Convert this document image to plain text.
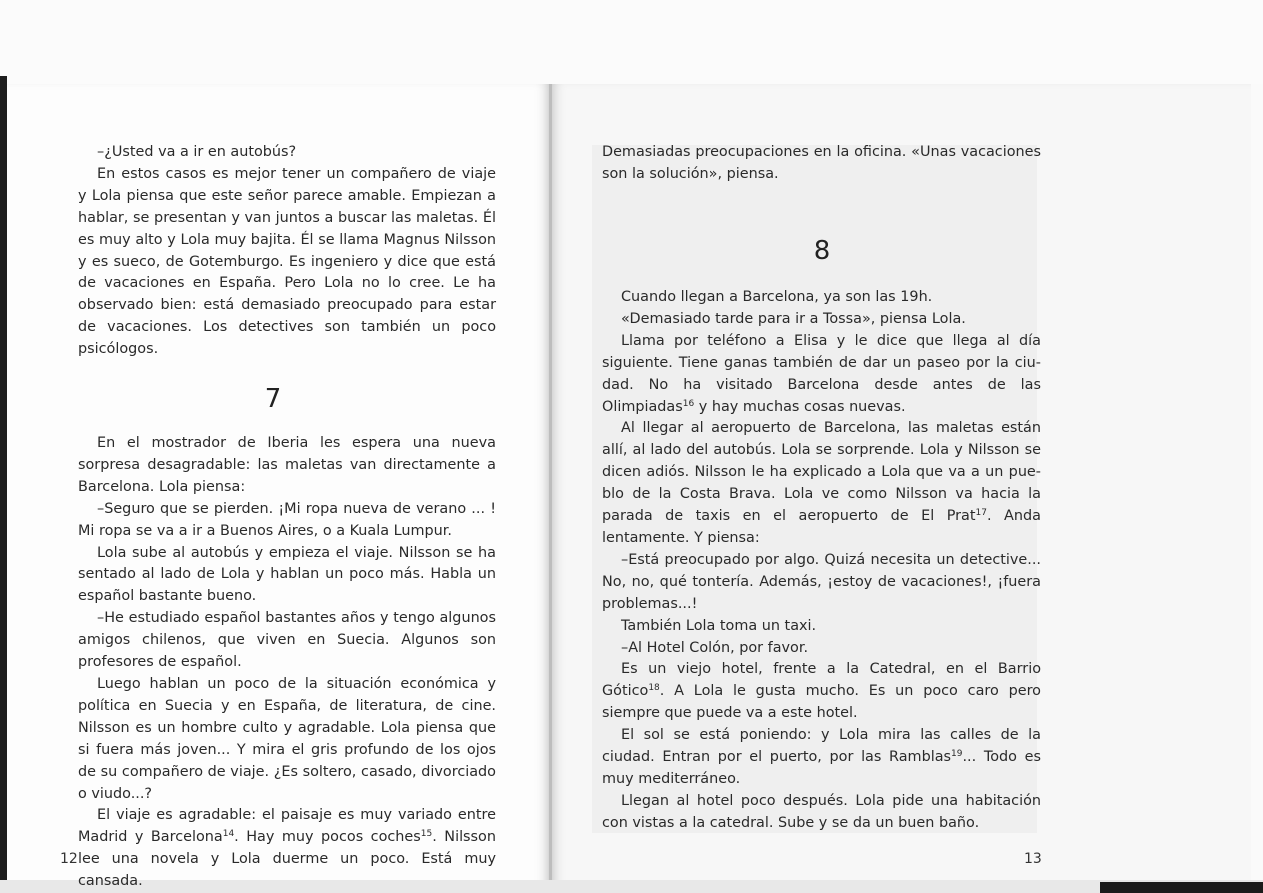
–¿Usted va a ir en autobús?

En estos casos es mejor tener un compañero de viaje y Lola piensa que este señor parece amable. Empiezan a hablar, se presentan y van juntos a buscar las maletas. Él es muy alto y Lola muy bajita. Él se llama Magnus Nilsson y es sueco, de Gotemburgo. Es ingeniero y dice que está de vacaciones en España. Pero Lola no lo cree. Le ha observado bien: está demasiado preocupado para estar de vacaciones. Los detectives son también un poco psicólogos.

7

En el mostrador de Iberia les espera una nueva sorpresa desagradable: las maletas van directamente a Barcelona. Lola piensa:

–Seguro que se pierden. ¡Mi ropa nueva de verano ... ! Mi ropa se va a ir a Buenos Aires, o a Kuala Lumpur.

Lola sube al autobús y empieza el viaje. Nilsson se ha sentado al lado de Lola y hablan un poco más. Habla un español bastante bueno.

–He estudiado español bastantes años y tengo algunos amigos chilenos, que viven en Suecia. Algunos son profesores de español.

Luego hablan un poco de la situación económica y política en Suecia y en España, de literatura, de cine. Nilsson es un hombre culto y agradable. Lola piensa que si fuera más joven... Y mira el gris profundo de los ojos de su compañero de viaje. ¿Es soltero, casado, divorciado o viudo...?

El viaje es agradable: el paisaje es muy variado entre Madrid y Barcelona$^{14}$. Hay muy pocos coches$^{15}$. Nilsson lee una novela y Lola duerme un poco. Está muy cansada.

12

Demasiadas preocupaciones en la oficina. «Unas vacaciones son la solución», piensa.

8

Cuando llegan a Barcelona, ya son las 19h.

«Demasiado tarde para ir a Tossa», piensa Lola.

Llama por teléfono a Elisa y le dice que llega al día siguiente. Tiene ganas también de dar un paseo por la ciudad. No ha visitado Barcelona desde antes de las Olimpiadas$^{16}$ y hay muchas cosas nuevas.

Al llegar al aeropuerto de Barcelona, las maletas están allí, al lado del autobús. Lola se sorprende. Lola y Nilsson se dicen adiós. Nilsson le ha explicado a Lola que va a un pueblo de la Costa Brava. Lola ve como Nilsson va hacia la parada de taxis en el aeropuerto de El Prat$^{17}$. Anda lentamente. Y piensa:

–Está preocupado por algo. Quizá necesita un detective... No, no, qué tontería. Además, ¡estoy de vacaciones!, ¡fuera problemas...!

También Lola toma un taxi.

–Al Hotel Colón, por favor.

Es un viejo hotel, frente a la Catedral, en el Barrio Gótico$^{18}$. A Lola le gusta mucho. Es un poco caro pero siempre que puede va a este hotel.

El sol se está poniendo: y Lola mira las calles de la ciudad. Entran por el puerto, por las Ramblas$^{19}$... Todo es muy mediterráneo.

Llegan al hotel poco después. Lola pide una habitación con vistas a la catedral. Sube y se da un buen baño.

13
